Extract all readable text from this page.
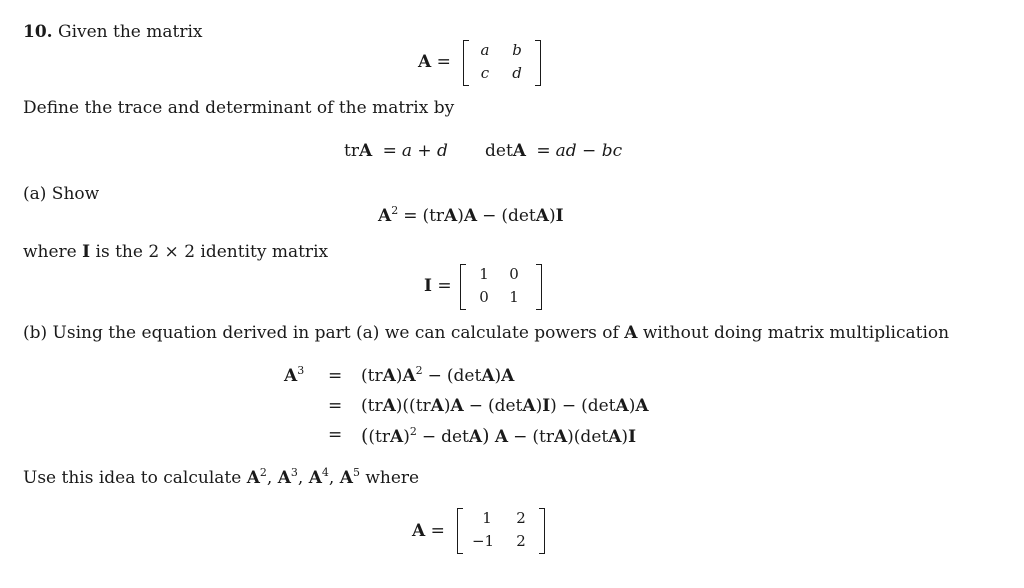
10. Given the matrix
A =
a	b
c	d
Define the trace and determinant of the matrix by
trA = a + d detA = ad − bc
(a) Show
$A^2 = (trA)A - (\det A)I$
where I is the 2 × 2 identity matrix
I =
1	0
0	1
(b) Using the equation derived in part (a) we can calculate powers of A without doing matrix multiplication
$A^3 = (trA)A^2 - (\det A)A$
= (trA)((trA)A − (detA)I) − (detA)A
= ((trA)$^2$ − detA) A − (trA)(detA)I
Use this idea to calculate $A^2$, $A^3$, $A^4$, $A^5$ where
A =
1	2
−1	2
